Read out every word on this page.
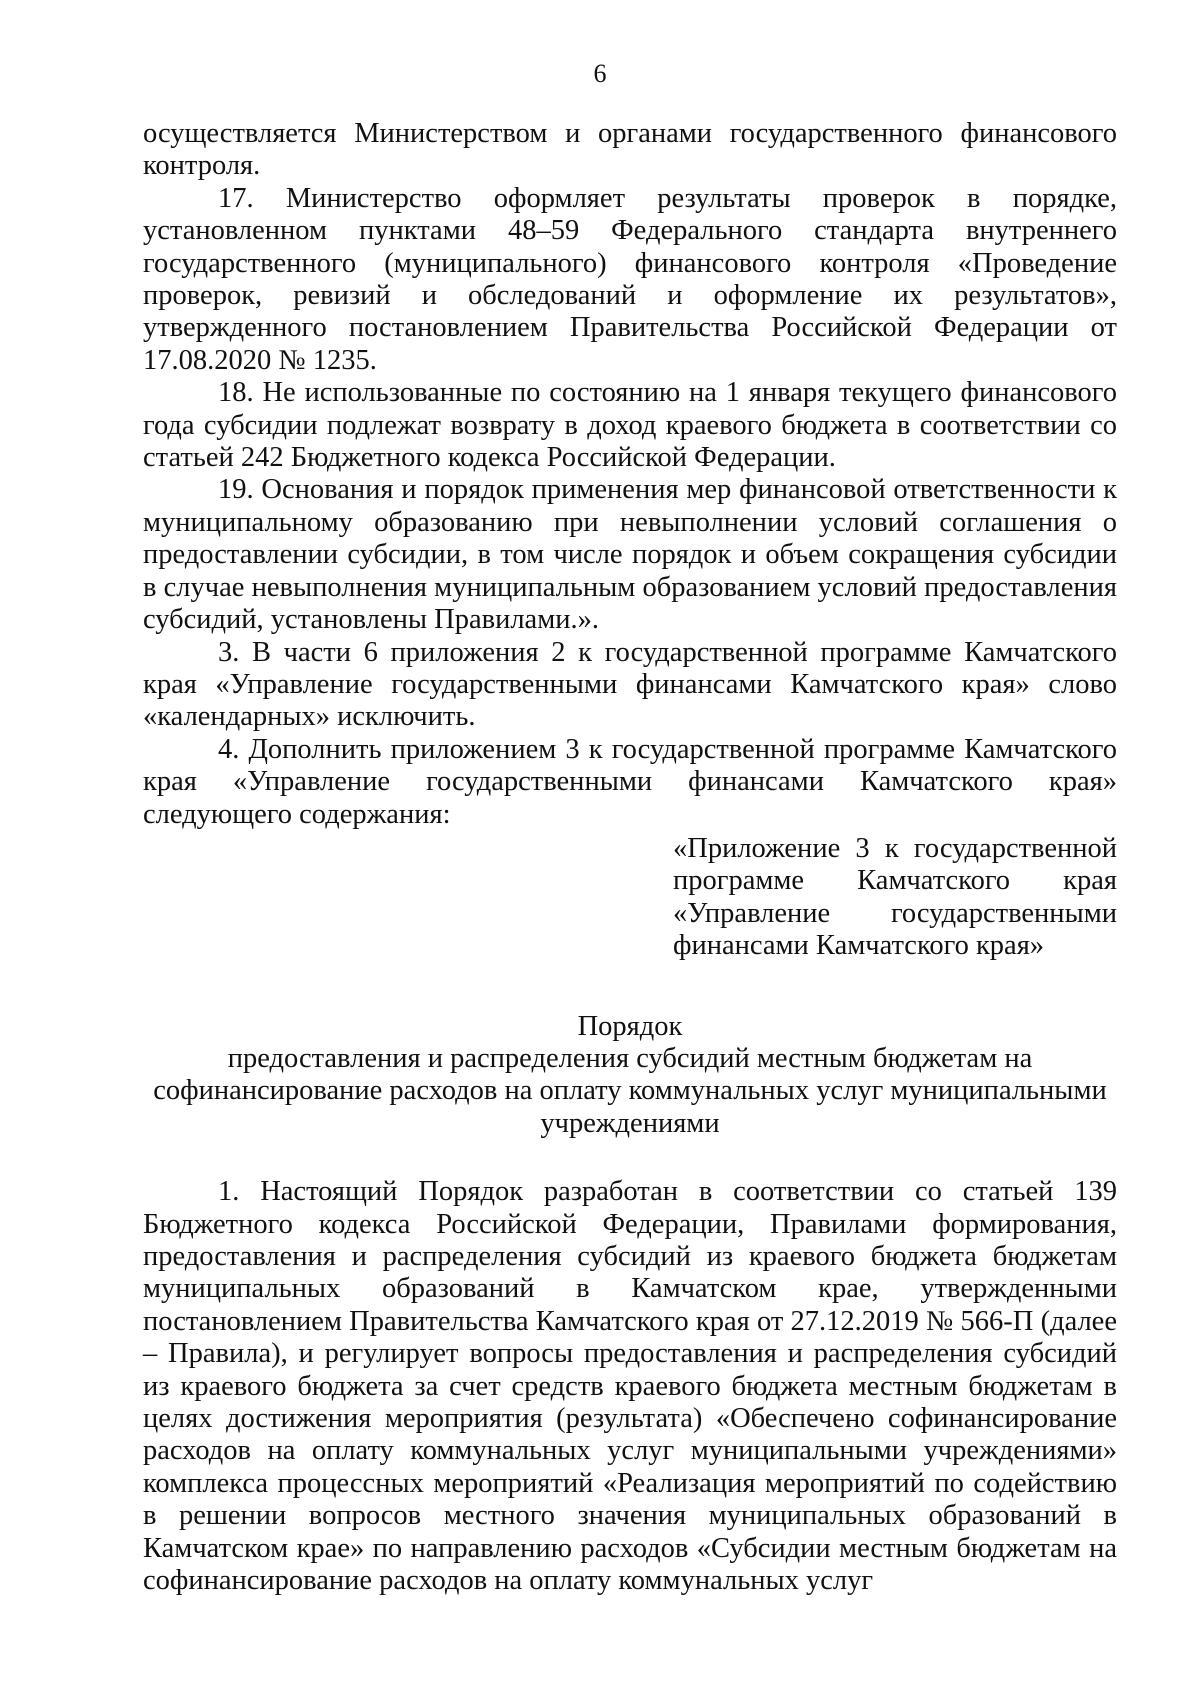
6

осуществляется Министерством и органами государственного финансового контроля.

17. Министерство оформляет результаты проверок в порядке, установленном пунктами 48–59 Федерального стандарта внутреннего государственного (муниципального) финансового контроля «Проведение проверок, ревизий и обследований и оформление их результатов», утвержденного постановлением Правительства Российской Федерации от 17.08.2020 № 1235.

18. Не использованные по состоянию на 1 января текущего финансового года субсидии подлежат возврату в доход краевого бюджета в соответствии со статьей 242 Бюджетного кодекса Российской Федерации.

19. Основания и порядок применения мер финансовой ответственности к муниципальному образованию при невыполнении условий соглашения о предоставлении субсидии, в том числе порядок и объем сокращения субсидии в случае невыполнения муниципальным образованием условий предоставления субсидий, установлены Правилами.».

3. В части 6 приложения 2 к государственной программе Камчатского края «Управление государственными финансами Камчатского края» слово «календарных» исключить.

4. Дополнить приложением 3 к государственной программе Камчатского края «Управление государственными финансами Камчатского края» следующего содержания:

«Приложение 3 к государственной программе Камчатского края «Управление государственными финансами Камчатского края»

Порядок
предоставления и распределения субсидий местным бюджетам на
софинансирование расходов на оплату коммунальных услуг муниципальными
учреждениями

1. Настоящий Порядок разработан в соответствии со статьей 139 Бюджетного кодекса Российской Федерации, Правилами формирования, предоставления и распределения субсидий из краевого бюджета бюджетам муниципальных образований в Камчатском крае, утвержденными постановлением Правительства Камчатского края от 27.12.2019 № 566-П (далее – Правила), и регулирует вопросы предоставления и распределения субсидий из краевого бюджета за счет средств краевого бюджета местным бюджетам в целях достижения мероприятия (результата) «Обеспечено софинансирование расходов на оплату коммунальных услуг муниципальными учреждениями» комплекса процессных мероприятий «Реализация мероприятий по содействию в решении вопросов местного значения муниципальных образований в Камчатском крае» по направлению расходов «Субсидии местным бюджетам на софинансирование расходов на оплату коммунальных услуг
